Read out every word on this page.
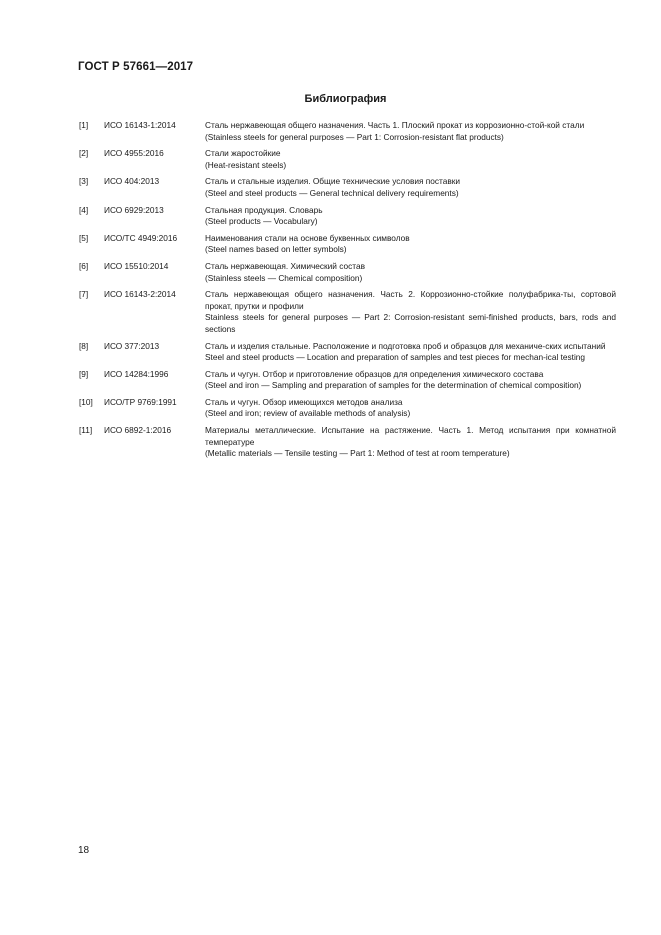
ГОСТ Р 57661—2017
Библиография
[1]	ИСО 16143-1:2014	Сталь нержавеющая общего назначения. Часть 1. Плоский прокат из коррозионно-стой-кой стали
(Stainless steels for general purposes — Part 1: Corrosion-resistant flat products)
[2]	ИСО 4955:2016	Стали жаростойкие
(Heat-resistant steels)
[3]	ИСО 404:2013	Сталь и стальные изделия. Общие технические условия поставки
(Steel and steel products — General technical delivery requirements)
[4]	ИСО 6929:2013	Стальная продукция. Словарь
(Steel products — Vocabulary)
[5]	ИСО/ТС 4949:2016	Наименования стали на основе буквенных символов
(Steel names based on letter symbols)
[6]	ИСО 15510:2014	Сталь нержавеющая. Химический состав
(Stainless steels — Chemical composition)
[7]	ИСО 16143-2:2014	Сталь нержавеющая общего назначения. Часть 2. Коррозионно-стойкие полуфабрика-ты, сортовой прокат, прутки и профили
Stainless steels for general purposes — Part 2: Corrosion-resistant semi-finished products, bars, rods and sections
[8]	ИСО 377:2013	Сталь и изделия стальные. Расположение и подготовка проб и образцов для механиче-ских испытаний
Steel and steel products — Location and preparation of samples and test pieces for mechan-ical testing
[9]	ИСО 14284:1996	Сталь и чугун. Отбор и приготовление образцов для определения химического состава
(Steel and iron — Sampling and preparation of samples for the determination of chemical composition)
[10]	ИСО/ТР 9769:1991	Сталь и чугун. Обзор имеющихся методов анализа
(Steel and iron; review of available methods of analysis)
[11]	ИСО 6892-1:2016	Материалы металлические. Испытание на растяжение. Часть 1. Метод испытания при комнатной температуре
(Metallic materials — Tensile testing — Part 1: Method of test at room temperature)
18
